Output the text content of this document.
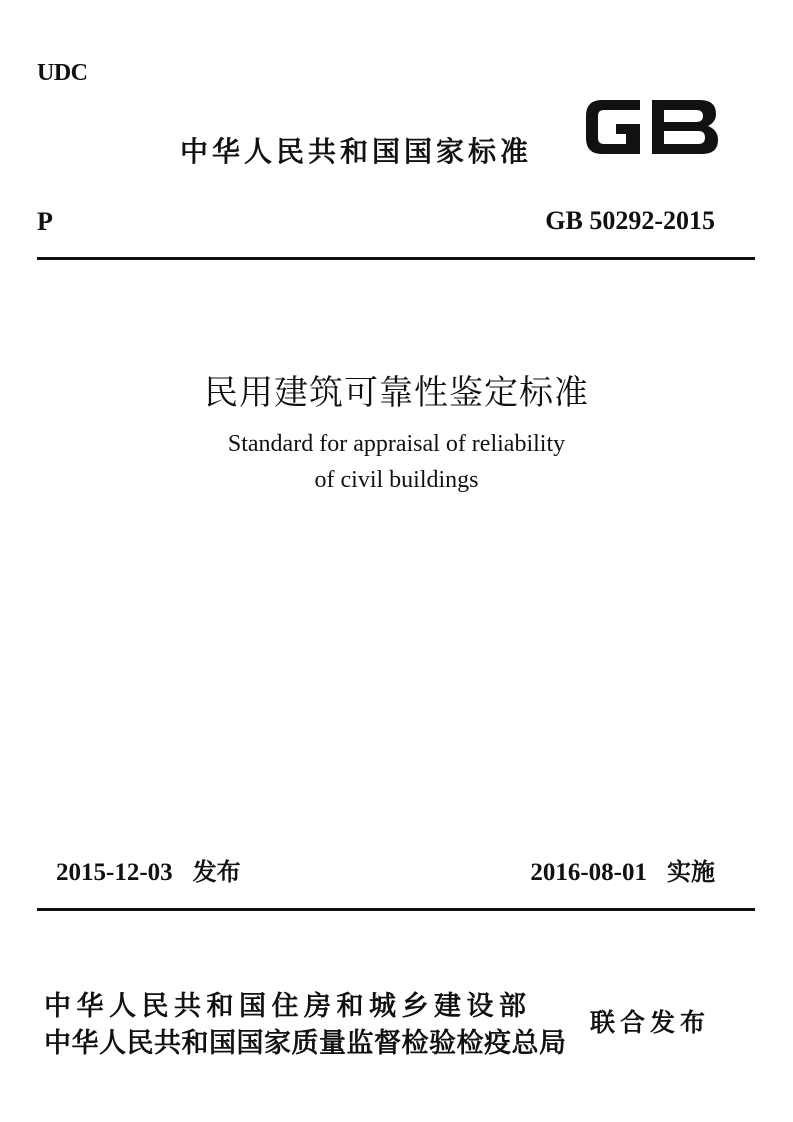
UDC
中华人民共和国国家标准
P	GB 50292-2015
民用建筑可靠性鉴定标准
Standard for appraisal of reliability
of civil buildings
2015-12-03 发布	2016-08-01 实施
中华人民共和国住房和城乡建设部
中华人民共和国国家质量监督检验检疫总局
联合发布
